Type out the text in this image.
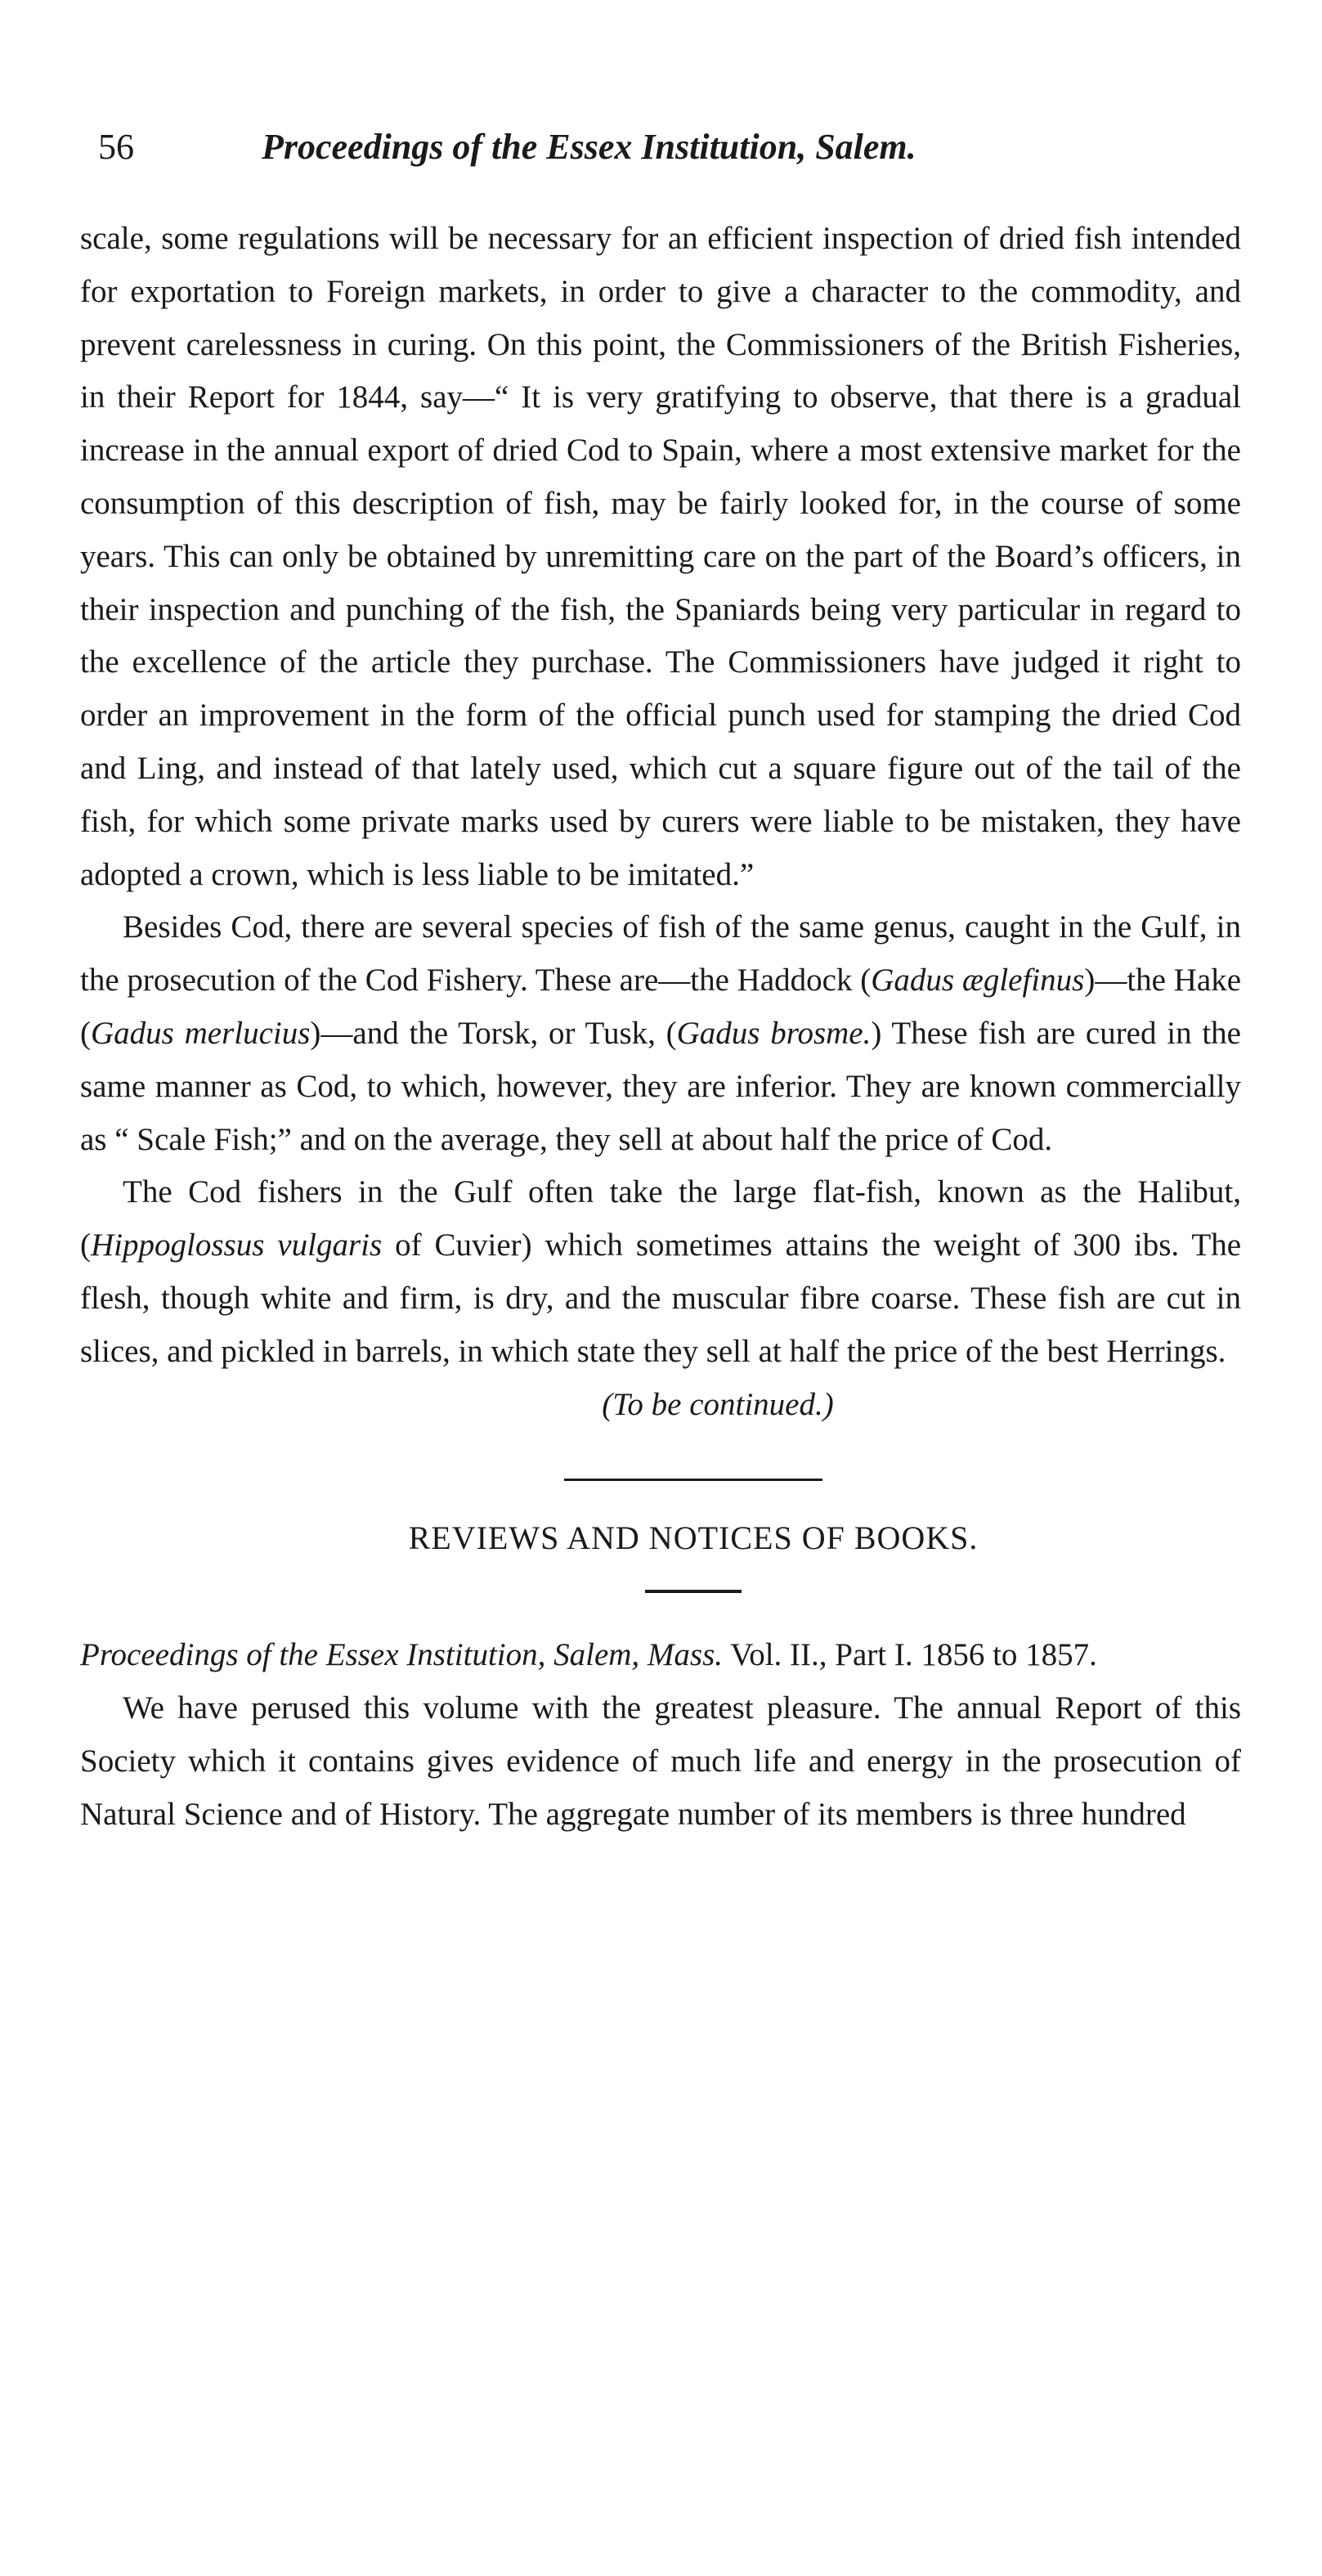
56	Proceedings of the Essex Institution, Salem.

scale, some regulations will be necessary for an efficient inspection of dried fish intended for exportation to Foreign markets, in order to give a character to the commodity, and prevent carelessness in curing. On this point, the Commissioners of the British Fisheries, in their Report for 1844, say—“ It is very gratifying to observe, that there is a gradual increase in the annual export of dried Cod to Spain, where a most extensive market for the consumption of this description of fish, may be fairly looked for, in the course of some years. This can only be obtained by unremitting care on the part of the Board’s officers, in their inspection and punching of the fish, the Spaniards being very particular in regard to the excellence of the article they purchase. The Commissioners have judged it right to order an improvement in the form of the official punch used for stamping the dried Cod and Ling, and instead of that lately used, which cut a square figure out of the tail of the fish, for which some private marks used by curers were liable to be mistaken, they have adopted a crown, which is less liable to be imitated.”

Besides Cod, there are several species of fish of the same genus, caught in the Gulf, in the prosecution of the Cod Fishery. These are—the Haddock (Gadus æglefinus)—the Hake (Gadus merlucius)—and the Torsk, or Tusk, (Gadus brosme.) These fish are cured in the same manner as Cod, to which, however, they are inferior. They are known commercially as “ Scale Fish;” and on the average, they sell at about half the price of Cod.

The Cod fishers in the Gulf often take the large flat-fish, known as the Halibut, (Hippoglossus vulgaris of Cuvier) which sometimes attains the weight of 300 ibs. The flesh, though white and firm, is dry, and the muscular fibre coarse. These fish are cut in slices, and pickled in barrels, in which state they sell at half the price of the best Herrings.

(To be continued.)

REVIEWS AND NOTICES OF BOOKS.

Proceedings of the Essex Institution, Salem, Mass. Vol. II., Part I. 1856 to 1857.

We have perused this volume with the greatest pleasure. The annual Report of this Society which it contains gives evidence of much life and energy in the prosecution of Natural Science and of History. The aggregate number of its members is three hundred
